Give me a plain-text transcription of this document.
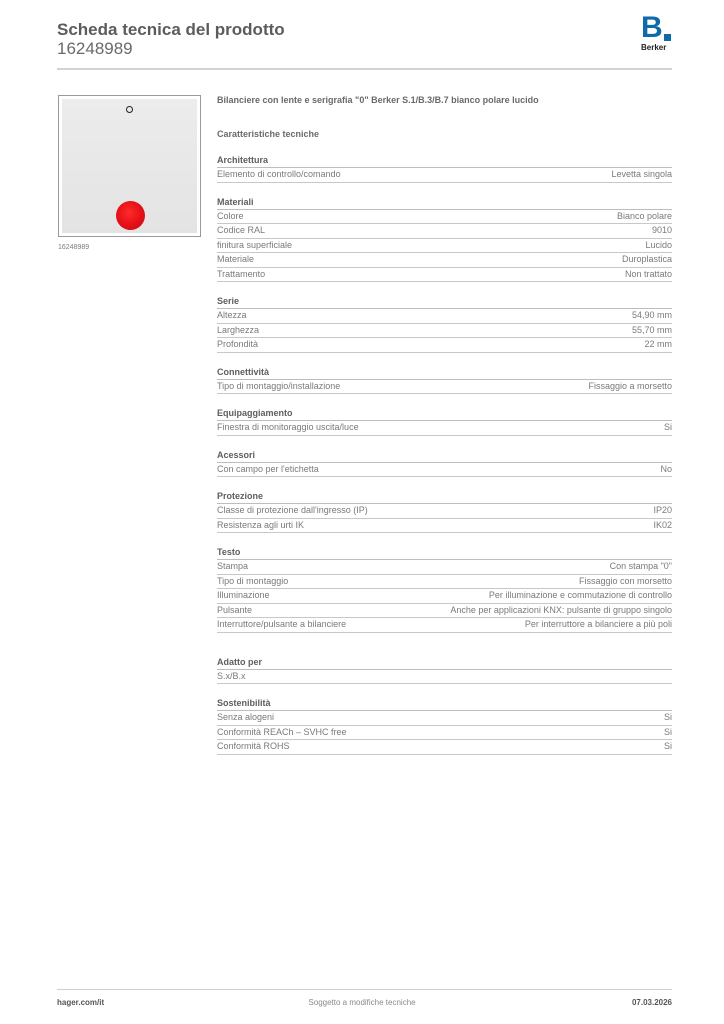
Scheda tecnica del prodotto
16248989
B
Berker
16248989
Bilanciere con lente e serigrafia "0" Berker S.1/B.3/B.7 bianco polare lucido
Caratteristiche tecniche
Architettura
Elemento di controllo/comando	Levetta singola
Materiali
Colore	Bianco polare
Codice RAL	9010
finitura superficiale	Lucido
Materiale	Duroplastica
Trattamento	Non trattato
Serie
Altezza	54,90 mm
Larghezza	55,70 mm
Profondità	22 mm
Connettività
Tipo di montaggio/installazione	Fissaggio a morsetto
Equipaggiamento
Finestra di monitoraggio uscita/luce	Si
Acessori
Con campo per l'etichetta	No
Protezione
Classe di protezione dall'ingresso (IP)	IP20
Resistenza agli urti IK	IK02
Testo
Stampa	Con stampa "0"
Tipo di montaggio	Fissaggio con morsetto
Illuminazione	Per illuminazione e commutazione di controllo
Pulsante	Anche per applicazioni KNX: pulsante di gruppo singolo
Interruttore/pulsante a bilanciere	Per interruttore a bilanciere a più poli
Adatto per
S.x/B.x
Sostenibilità
Senza alogeni	Si
Conformità REACh – SVHC free	Si
Conformità ROHS	Si
hager.com/it	Soggetto a modifiche tecniche	07.03.2026
